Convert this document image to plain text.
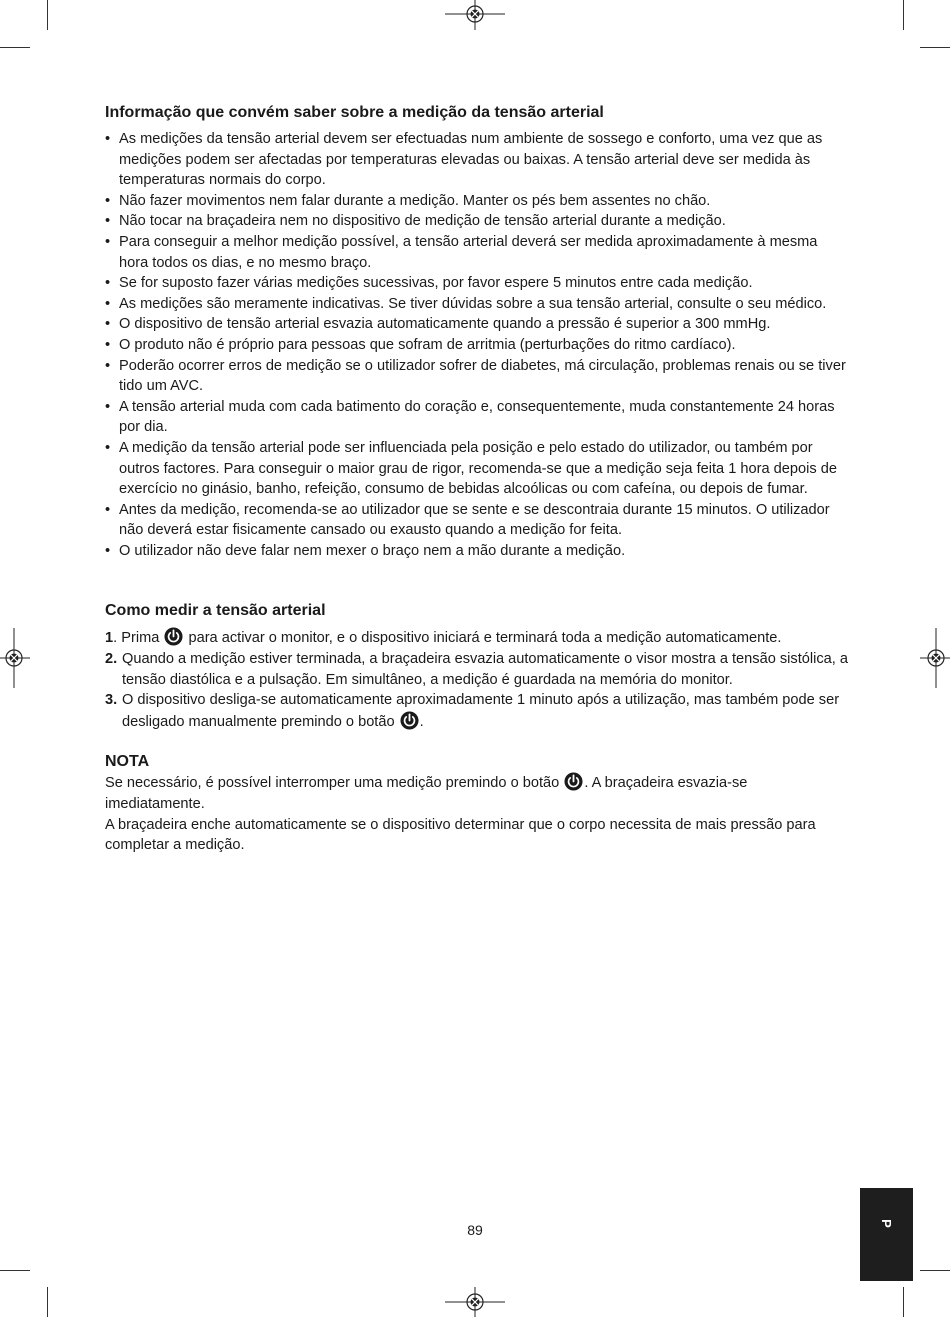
Informação que convém saber sobre a medição da tensão arterial
• As medições da tensão arterial devem ser efectuadas num ambiente de sossego e conforto, uma vez que as medições podem ser afectadas por temperaturas elevadas ou baixas. A tensão arterial deve ser medida às temperaturas normais do corpo.
• Não fazer movimentos nem falar durante a medição. Manter os pés bem assentes no chão.
• Não tocar na braçadeira nem no dispositivo de medição de tensão arterial durante a medição.
• Para conseguir a melhor medição possível, a tensão arterial deverá ser medida aproximadamente à mesma hora todos os dias, e no mesmo braço.
• Se for suposto fazer várias medições sucessivas, por favor espere 5 minutos entre cada medição.
• As medições são meramente indicativas. Se tiver dúvidas sobre a sua tensão arterial, consulte o seu médico.
• O dispositivo de tensão arterial esvazia automaticamente quando a pressão é superior a 300 mmHg.
• O produto não é próprio para pessoas que sofram de arritmia (perturbações do ritmo cardíaco).
• Poderão ocorrer erros de medição se o utilizador sofrer de diabetes, má circulação, problemas renais ou se tiver tido um AVC.
• A tensão arterial muda com cada batimento do coração e, consequentemente, muda constantemente 24 horas por dia.
• A medição da tensão arterial pode ser influenciada pela posição e pelo estado do utilizador, ou também por outros factores. Para conseguir o maior grau de rigor, recomenda-se que a medição seja feita 1 hora depois de exercício no ginásio, banho, refeição, consumo de bebidas alcoólicas ou com cafeína, ou depois de fumar.
• Antes da medição, recomenda-se ao utilizador que se sente e se descontraia durante 15 minutos. O utilizador não deverá estar fisicamente cansado ou exausto quando a medição for feita.
• O utilizador não deve falar nem mexer o braço nem a mão durante a medição.
Como medir a tensão arterial
1. Prima  para activar o monitor, e o dispositivo iniciará e terminará toda a medição automaticamente.
2. Quando a medição estiver terminada, a braçadeira esvazia automaticamente o visor mostra a tensão sistólica, a tensão diastólica e a pulsação. Em simultâneo, a medição é guardada na memória do monitor.
3. O dispositivo desliga-se automaticamente aproximadamente 1 minuto após a utilização, mas também pode ser desligado manualmente premindo o botão .
NOTA

Se necessário, é possível interromper uma medição premindo o botão . A braçadeira esvazia-se imediatamente.

A braçadeira enche automaticamente se o dispositivo determinar que o corpo necessita de mais pressão para completar a medição.

89	P
